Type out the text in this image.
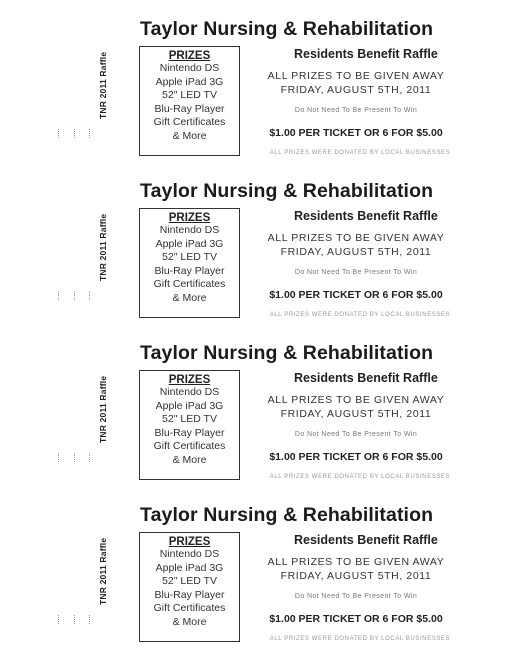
TNR 2011 Raffle
Taylor Nursing & Rehabilitation
PRIZES
Nintendo DS
Apple iPad 3G
52" LED TV
Blu-Ray Player
Gift Certificates
& More
Residents Benefit Raffle
ALL PRIZES TO BE GIVEN AWAY
FRIDAY, AUGUST 5TH, 2011
Do Not Need To Be Present To Win
$1.00 PER TICKET OR 6 FOR $5.00
ALL PRIZES WERE DONATED BY LOCAL BUSINESSES
TNR 2011 Raffle
Taylor Nursing & Rehabilitation
PRIZES
Nintendo DS
Apple iPad 3G
52" LED TV
Blu-Ray Player
Gift Certificates
& More
Residents Benefit Raffle
ALL PRIZES TO BE GIVEN AWAY
FRIDAY, AUGUST 5TH, 2011
Do Not Need To Be Present To Win
$1.00 PER TICKET OR 6 FOR $5.00
ALL PRIZES WERE DONATED BY LOCAL BUSINESSES
TNR 2011 Raffle
Taylor Nursing & Rehabilitation
PRIZES
Nintendo DS
Apple iPad 3G
52" LED TV
Blu-Ray Player
Gift Certificates
& More
Residents Benefit Raffle
ALL PRIZES TO BE GIVEN AWAY
FRIDAY, AUGUST 5TH, 2011
Do Not Need To Be Present To Win
$1.00 PER TICKET OR 6 FOR $5.00
ALL PRIZES WERE DONATED BY LOCAL BUSINESSES
TNR 2011 Raffle
Taylor Nursing & Rehabilitation
PRIZES
Nintendo DS
Apple iPad 3G
52" LED TV
Blu-Ray Player
Gift Certificates
& More
Residents Benefit Raffle
ALL PRIZES TO BE GIVEN AWAY
FRIDAY, AUGUST 5TH, 2011
Do Not Need To Be Present To Win
$1.00 PER TICKET OR 6 FOR $5.00
ALL PRIZES WERE DONATED BY LOCAL BUSINESSES
